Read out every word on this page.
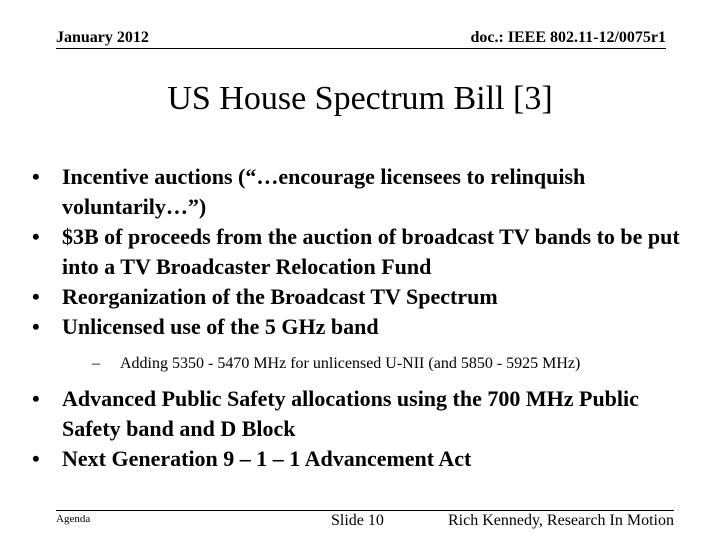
January 2012	doc.: IEEE 802.11-12/0075r1
US House Spectrum Bill [3]
•	Incentive auctions (“…encourage licensees to relinquish voluntarily…”)
•	$3B of proceeds from the auction of broadcast TV bands to be put into a TV Broadcaster Relocation Fund
•	Reorganization of the Broadcast TV Spectrum
•	Unlicensed use of the 5 GHz band
–	Adding 5350 - 5470 MHz for unlicensed U-NII (and 5850 - 5925 MHz)
•	Advanced Public Safety allocations using the 700 MHz Public Safety band and D Block
•	Next Generation 9 – 1 – 1 Advancement Act
Agenda	Slide 10	Rich Kennedy, Research In Motion
